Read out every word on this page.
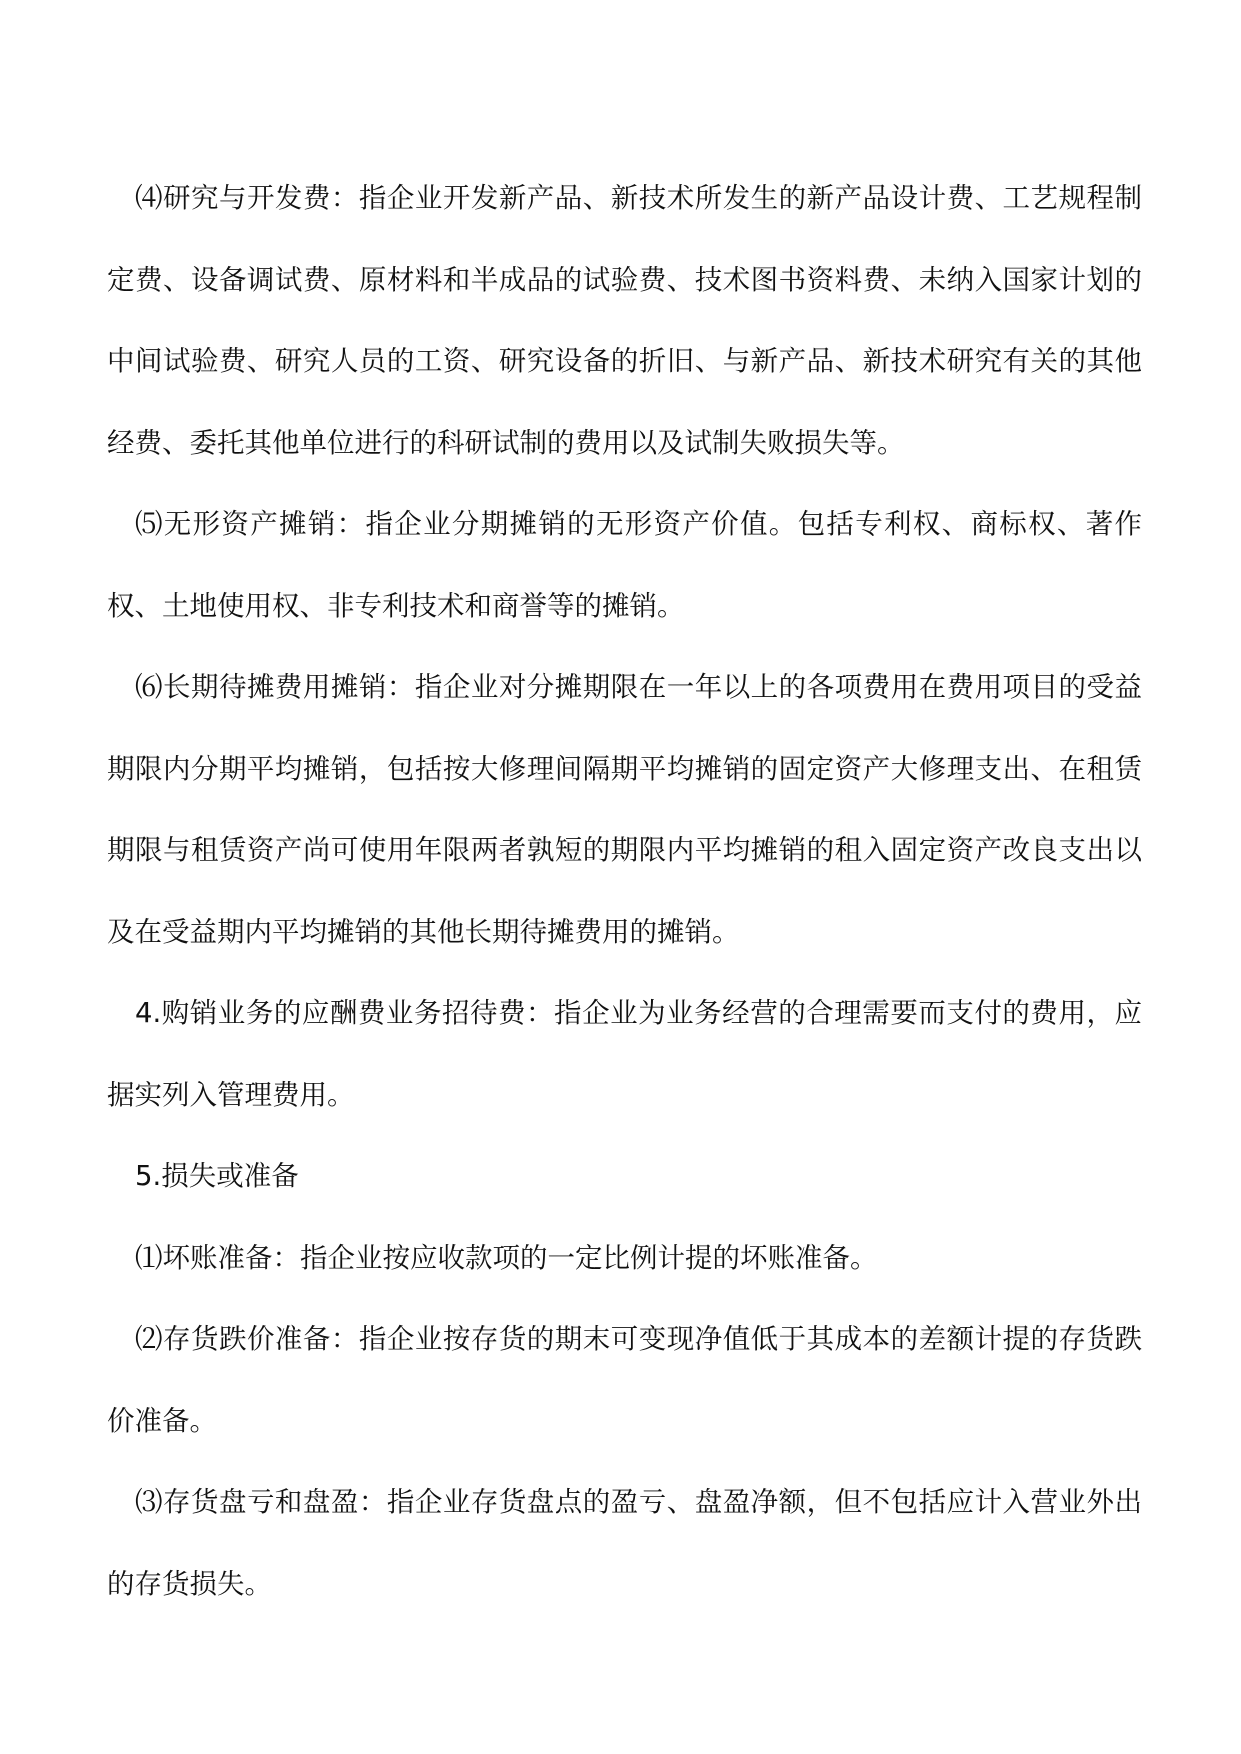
⑷研究与开发费：指企业开发新产品、新技术所发生的新产品设计费、工艺规程制定费、设备调试费、原材料和半成品的试验费、技术图书资料费、未纳入国家计划的中间试验费、研究人员的工资、研究设备的折旧、与新产品、新技术研究有关的其他经费、委托其他单位进行的科研试制的费用以及试制失败损失等。

⑸无形资产摊销：指企业分期摊销的无形资产价值。包括专利权、商标权、著作权、土地使用权、非专利技术和商誉等的摊销。

⑹长期待摊费用摊销：指企业对分摊期限在一年以上的各项费用在费用项目的受益期限内分期平均摊销，包括按大修理间隔期平均摊销的固定资产大修理支出、在租赁期限与租赁资产尚可使用年限两者孰短的期限内平均摊销的租入固定资产改良支出以及在受益期内平均摊销的其他长期待摊费用的摊销。

4.购销业务的应酬费业务招待费：指企业为业务经营的合理需要而支付的费用，应据实列入管理费用。

5.损失或准备

⑴坏账准备：指企业按应收款项的一定比例计提的坏账准备。

⑵存货跌价准备：指企业按存货的期末可变现净值低于其成本的差额计提的存货跌价准备。

⑶存货盘亏和盘盈：指企业存货盘点的盈亏、盘盈净额，但不包括应计入营业外出的存货损失。
